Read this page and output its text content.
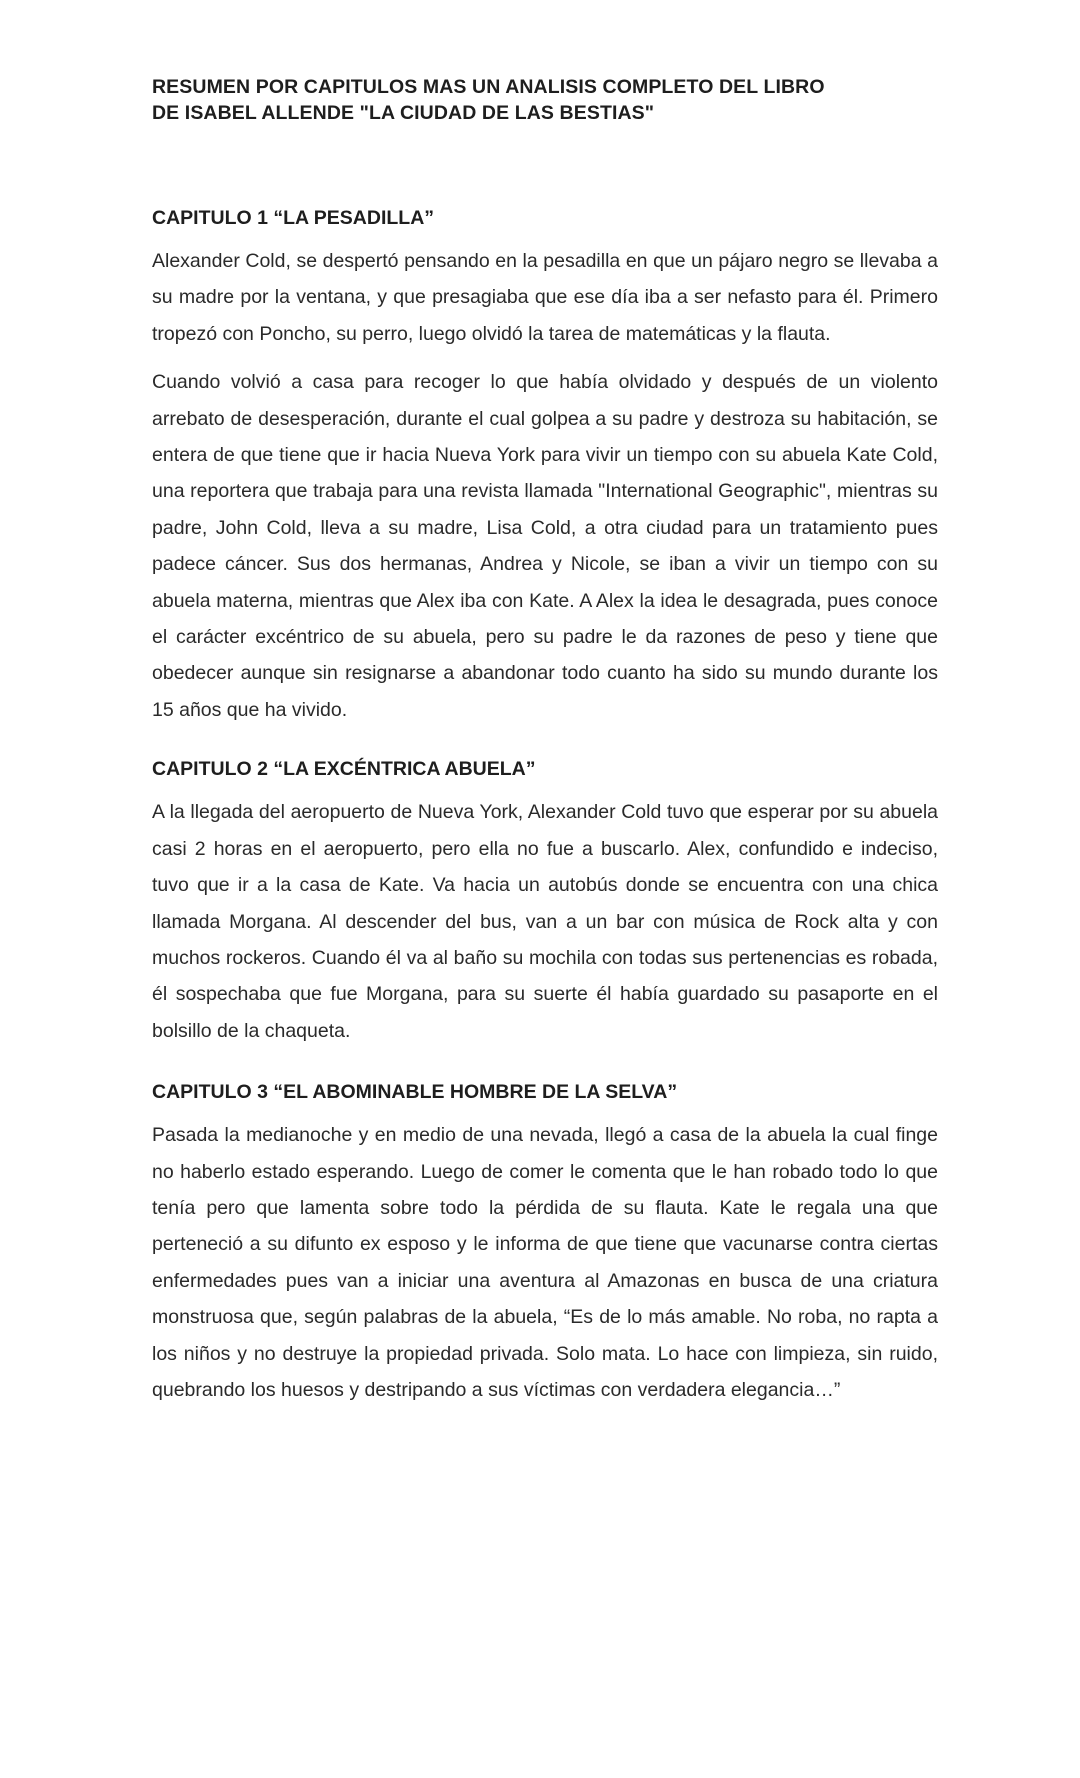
RESUMEN POR CAPITULOS MAS UN ANALISIS COMPLETO DEL LIBRO
DE ISABEL ALLENDE "LA CIUDAD DE LAS BESTIAS"
CAPITULO 1 “LA PESADILLA”

Alexander Cold, se despertó pensando en la pesadilla en que un pájaro negro se llevaba a su madre por la ventana, y que presagiaba que ese día iba a ser nefasto para él. Primero tropezó con Poncho, su perro, luego olvidó la tarea de matemáticas y la flauta.

Cuando volvió a casa para recoger lo que había olvidado y después de un violento arrebato de desesperación, durante el cual golpea a su padre y destroza su habitación, se entera de que tiene que ir hacia Nueva York para vivir un tiempo con su abuela Kate Cold, una reportera que trabaja para una revista llamada "International Geographic", mientras su padre, John Cold, lleva a su madre, Lisa Cold, a otra ciudad para un tratamiento pues padece cáncer. Sus dos hermanas, Andrea y Nicole, se iban a vivir un tiempo con su abuela materna, mientras que Alex iba con Kate. A Alex la idea le desagrada, pues conoce el carácter excéntrico de su abuela, pero su padre le da razones de peso y tiene que obedecer aunque sin resignarse a abandonar todo cuanto ha sido su mundo durante los 15 años que ha vivido.

CAPITULO 2 “LA EXCÉNTRICA ABUELA”

A la llegada del aeropuerto de Nueva York, Alexander Cold tuvo que esperar por su abuela casi 2 horas en el aeropuerto, pero ella no fue a buscarlo. Alex, confundido e indeciso, tuvo que ir a la casa de Kate. Va hacia un autobús donde se encuentra con una chica llamada Morgana. Al descender del bus, van a un bar con música de Rock alta y con muchos rockeros. Cuando él va al baño su mochila con todas sus pertenencias es robada, él sospechaba que fue Morgana, para su suerte él había guardado su pasaporte en el bolsillo de la chaqueta.

CAPITULO 3 “EL ABOMINABLE HOMBRE DE LA SELVA”

Pasada la medianoche y en medio de una nevada, llegó a casa de la abuela la cual finge no haberlo estado esperando. Luego de comer le comenta que le han robado todo lo que tenía pero que lamenta sobre todo la pérdida de su flauta. Kate le regala una que perteneció a su difunto ex esposo y le informa de que tiene que vacunarse contra ciertas enfermedades pues van a iniciar una aventura al Amazonas en busca de una criatura monstruosa que, según palabras de la abuela, “Es de lo más amable. No roba, no rapta a los niños y no destruye la propiedad privada. Solo mata. Lo hace con limpieza, sin ruido, quebrando los huesos y destripando a sus víctimas con verdadera elegancia…”
